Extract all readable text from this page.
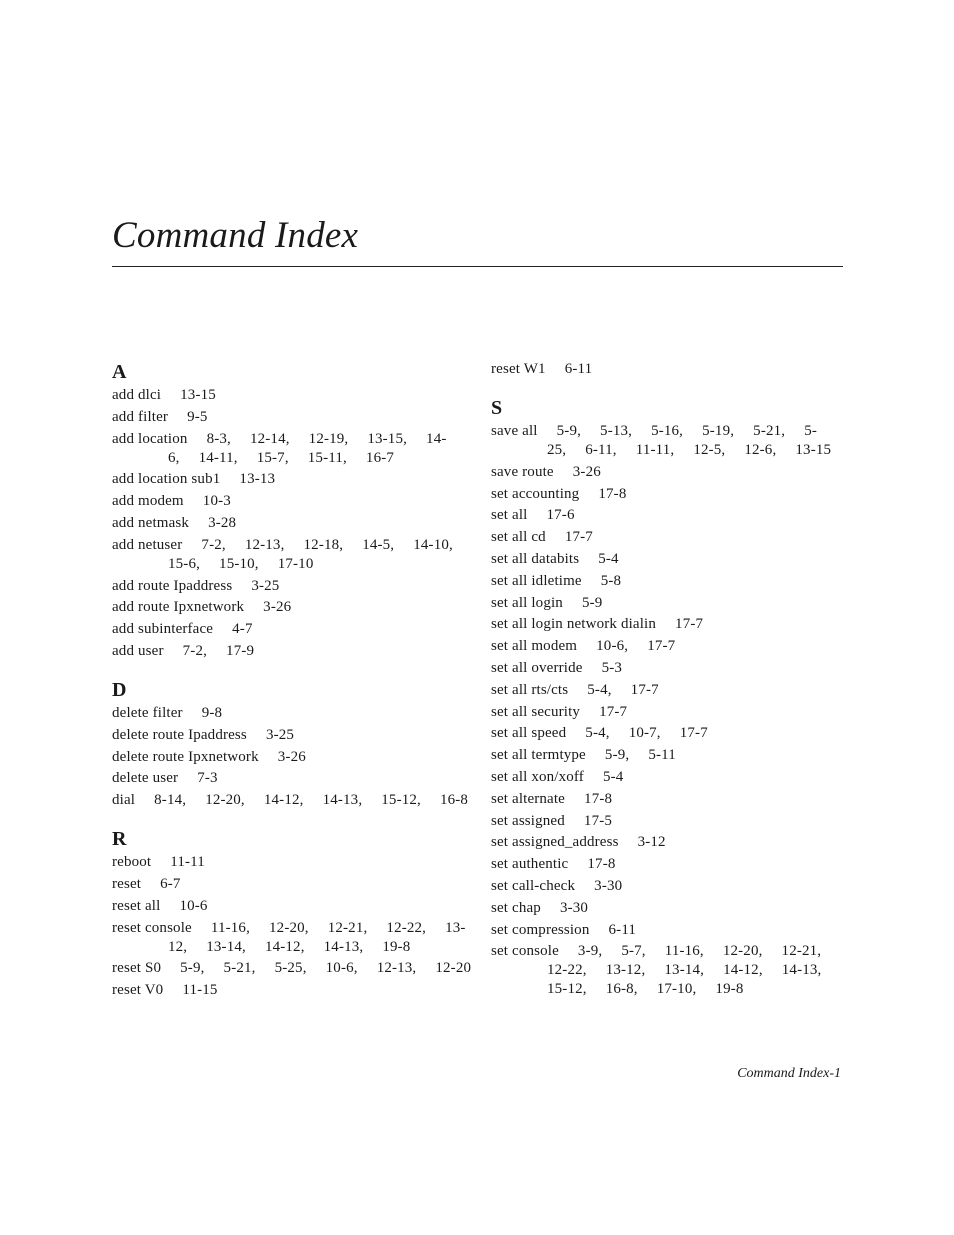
Command Index
A
add dlci  13-15
add filter  9-5
add location  8-3,  12-14,  12-19,  13-15,  14-6,  14-11,  15-7,  15-11,  16-7
add location sub1  13-13
add modem  10-3
add netmask  3-28
add netuser  7-2,  12-13,  12-18,  14-5,  14-10,  15-6,  15-10,  17-10
add route Ipaddress  3-25
add route Ipxnetwork  3-26
add subinterface  4-7
add user  7-2,  17-9
D
delete filter  9-8
delete route Ipaddress  3-25
delete route Ipxnetwork  3-26
delete user  7-3
dial  8-14,  12-20,  14-12,  14-13,  15-12,  16-8
R
reboot  11-11
reset  6-7
reset all  10-6
reset console  11-16,  12-20,  12-21,  12-22,  13-12,  13-14,  14-12,  14-13,  19-8
reset S0  5-9,  5-21,  5-25,  10-6,  12-13,  12-20
reset V0  11-15
reset W1  6-11
S
save all  5-9,  5-13,  5-16,  5-19,  5-21,  5-25,  6-11,  11-11,  12-5,  12-6,  13-15
save route  3-26
set accounting  17-8
set all  17-6
set all cd  17-7
set all databits  5-4
set all idletime  5-8
set all login  5-9
set all login network dialin  17-7
set all modem  10-6,  17-7
set all override  5-3
set all rts/cts  5-4,  17-7
set all security  17-7
set all speed  5-4,  10-7,  17-7
set all termtype  5-9,  5-11
set all xon/xoff  5-4
set alternate  17-8
set assigned  17-5
set assigned_address  3-12
set authentic  17-8
set call-check  3-30
set chap  3-30
set compression  6-11
set console  3-9,  5-7,  11-16,  12-20,  12-21,  12-22,  13-12,  13-14,  14-12,  14-13,  15-12,  16-8,  17-10,  19-8
Command Index-1
